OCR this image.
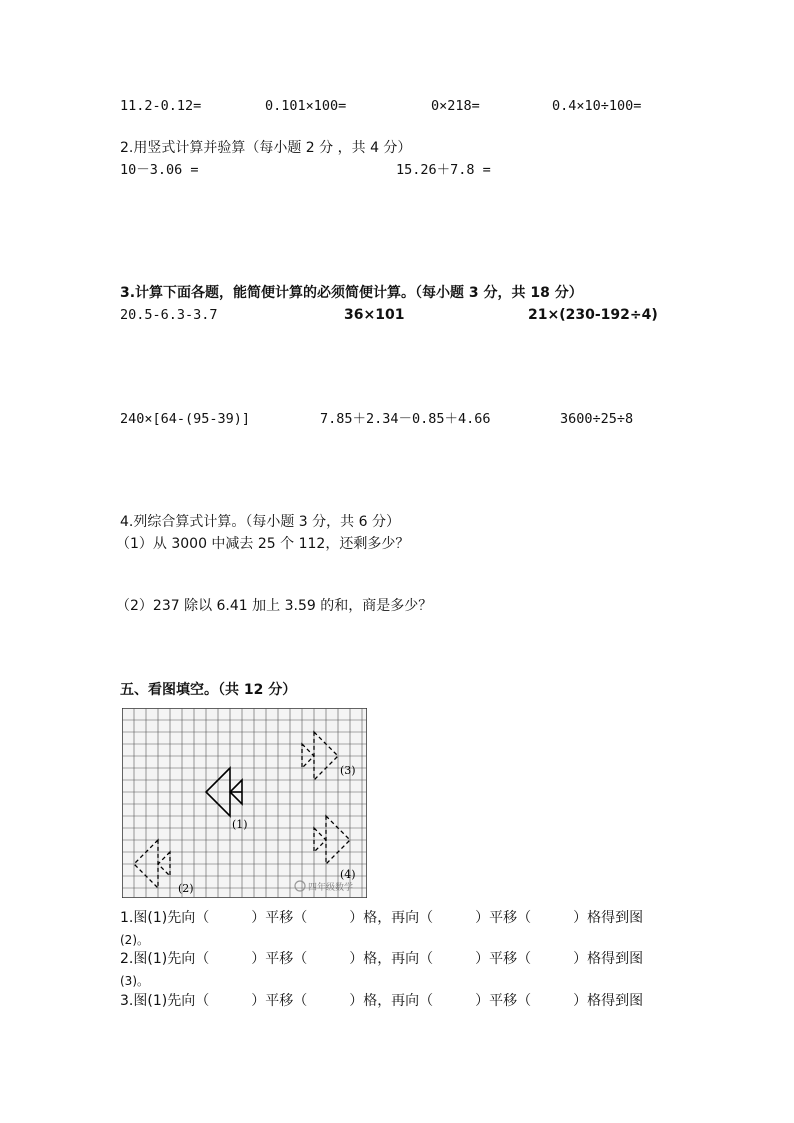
11.2-0.12=	0.101×100=	0×218=	0.4×10÷100=
2.用竖式计算并验算（每小题 2 分 ，共 4 分）
10－3.06 =	15.26＋7.8 =
3.计算下面各题，能简便计算的必须简便计算。（每小题 3 分，共 18 分）
20.5-6.3-3.7	36×101	21×(230-192÷4)
240×[64-(95-39)]	7.85＋2.34－0.85＋4.66	3600÷25÷8
4.列综合算式计算。（每小题 3 分，共 6 分）
（1）从 3000 中减去 25 个 112，还剩多少？
（2）237 除以 6.41 加上 3.59 的和，商是多少？
五、看图填空。（共 12 分）
(1)
(2)
(3)
(4)
四年级数学
1.图(1)先向（　　　）平移（　　　）格，再向（　　　）平移（　　　）格得到图
(2)。
2.图(1)先向（　　　）平移（　　　）格，再向（　　　）平移（　　　）格得到图
(3)。
3.图(1)先向（　　　）平移（　　　）格，再向（　　　）平移（　　　）格得到图
